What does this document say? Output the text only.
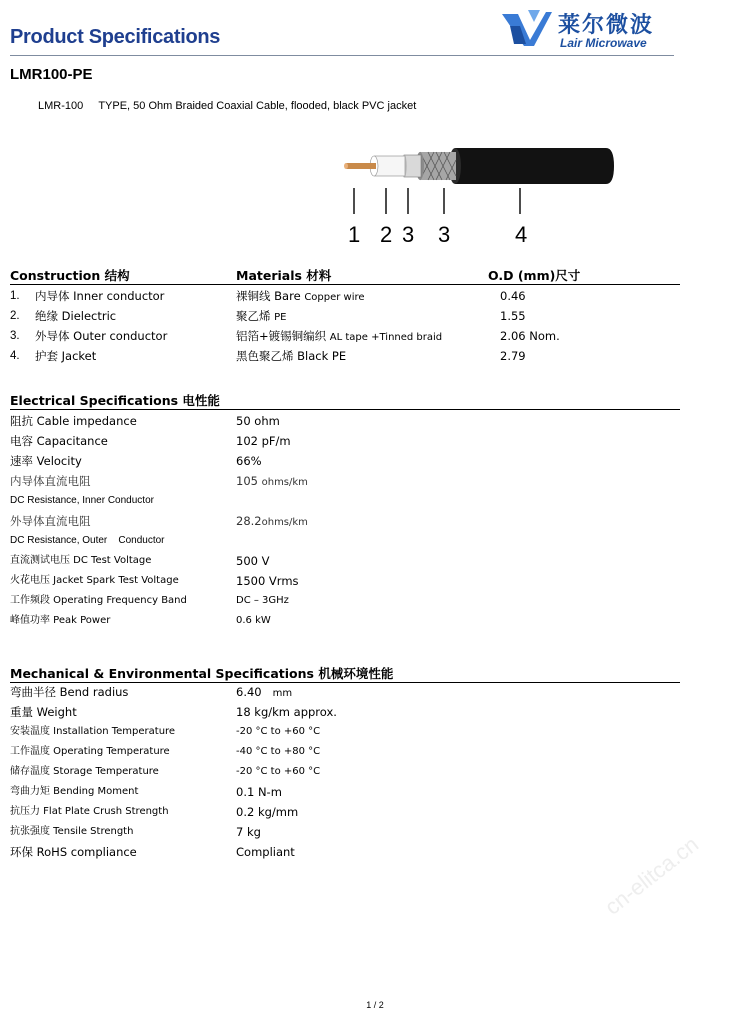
Product Specifications	莱尔微波
Lair Microwave
LMR100-PE
LMR-100 TYPE, 50 Ohm Braided Coaxial Cable, flooded, black PVC jacket
1 2 3 3	4
Construction 结构	Materials 材料	O.D (mm)尺寸
1. 内导体 Inner conductor	裸铜线 Bare Copper wire	0.46
2. 绝缘 Dielectric	聚乙烯 PE	1.55
3. 外导体 Outer conductor	铝箔+镀锡铜编织 AL tape +Tinned braid	2.06 Nom.
4. 护套 Jacket	黑色聚乙烯 Black PE	2.79
Electrical Specifications 电性能
阻抗 Cable impedance	50 ohm
电容 Capacitance	102 pF/m
速率 Velocity	66%
内导体直流电阻	105 ohms/km
DC Resistance, Inner Conductor
外导体直流电阻	28.2ohms/km
DC Resistance, Outer    Conductor
直流测试电压 DC Test Voltage	500 V
火花电压 Jacket Spark Test Voltage	1500 Vrms
工作频段 Operating Frequency Band	DC – 3GHz
峰值功率 Peak Power	0.6 kW
Mechanical & Environmental Specifications 机械环境性能
弯曲半径 Bend radius	6.40 mm
重量 Weight	18 kg/km approx.
安装温度 Installation Temperature	-20 °C to +60 °C
工作温度 Operating Temperature	-40 °C to +80 °C
储存温度 Storage Temperature	-20 °C to +60 °C
弯曲力矩 Bending Moment	0.1 N-m
抗压力 Flat Plate Crush Strength	0.2 kg/mm
抗张强度 Tensile Strength	7 kg
环保 RoHS compliance	Compliant	cn-elitca.cn
1 / 2
